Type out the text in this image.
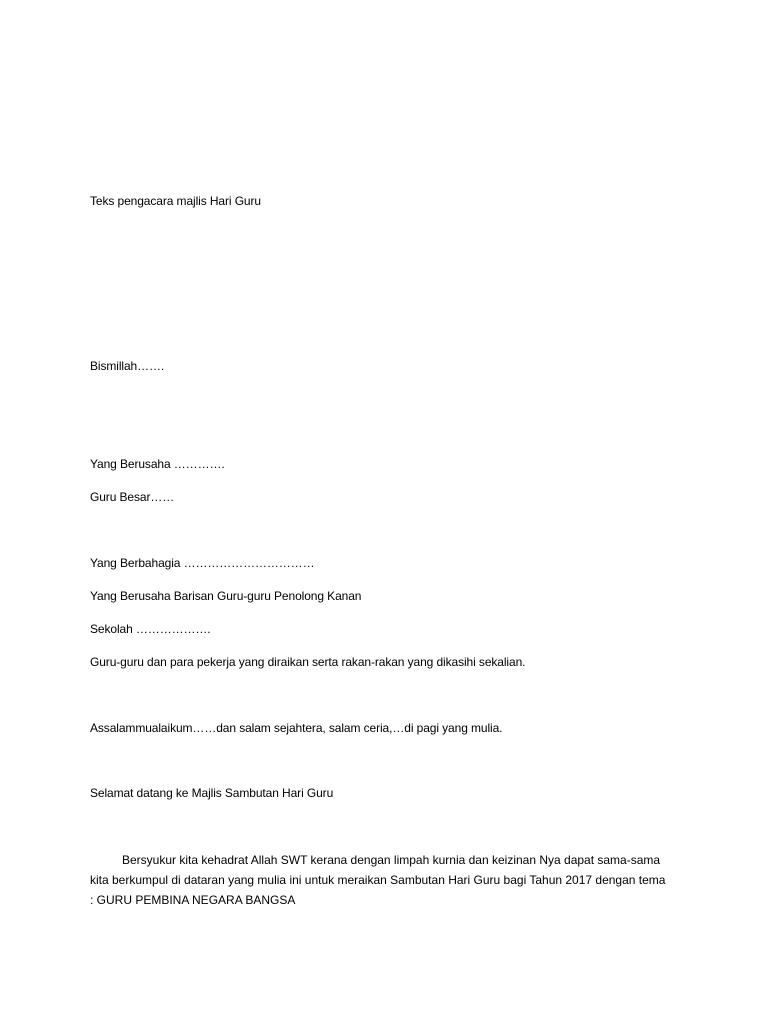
Teks pengacara majlis Hari Guru
Bismillah…….
Yang Berusaha ………….
Guru Besar……
Yang Berbahagia ……………………………
Yang Berusaha Barisan Guru-guru Penolong Kanan
Sekolah ……………….
Guru-guru dan para pekerja yang diraikan serta rakan-rakan yang dikasihi sekalian.
Assalammualaikum……dan salam sejahtera, salam ceria,…di pagi yang mulia.
Selamat datang ke Majlis Sambutan Hari Guru

Bersyukur kita kehadrat Allah SWT kerana dengan limpah kurnia dan keizinan Nya dapat sama-sama kita berkumpul di dataran yang mulia ini untuk meraikan Sambutan Hari Guru bagi Tahun 2017 dengan tema : GURU PEMBINA NEGARA BANGSA
